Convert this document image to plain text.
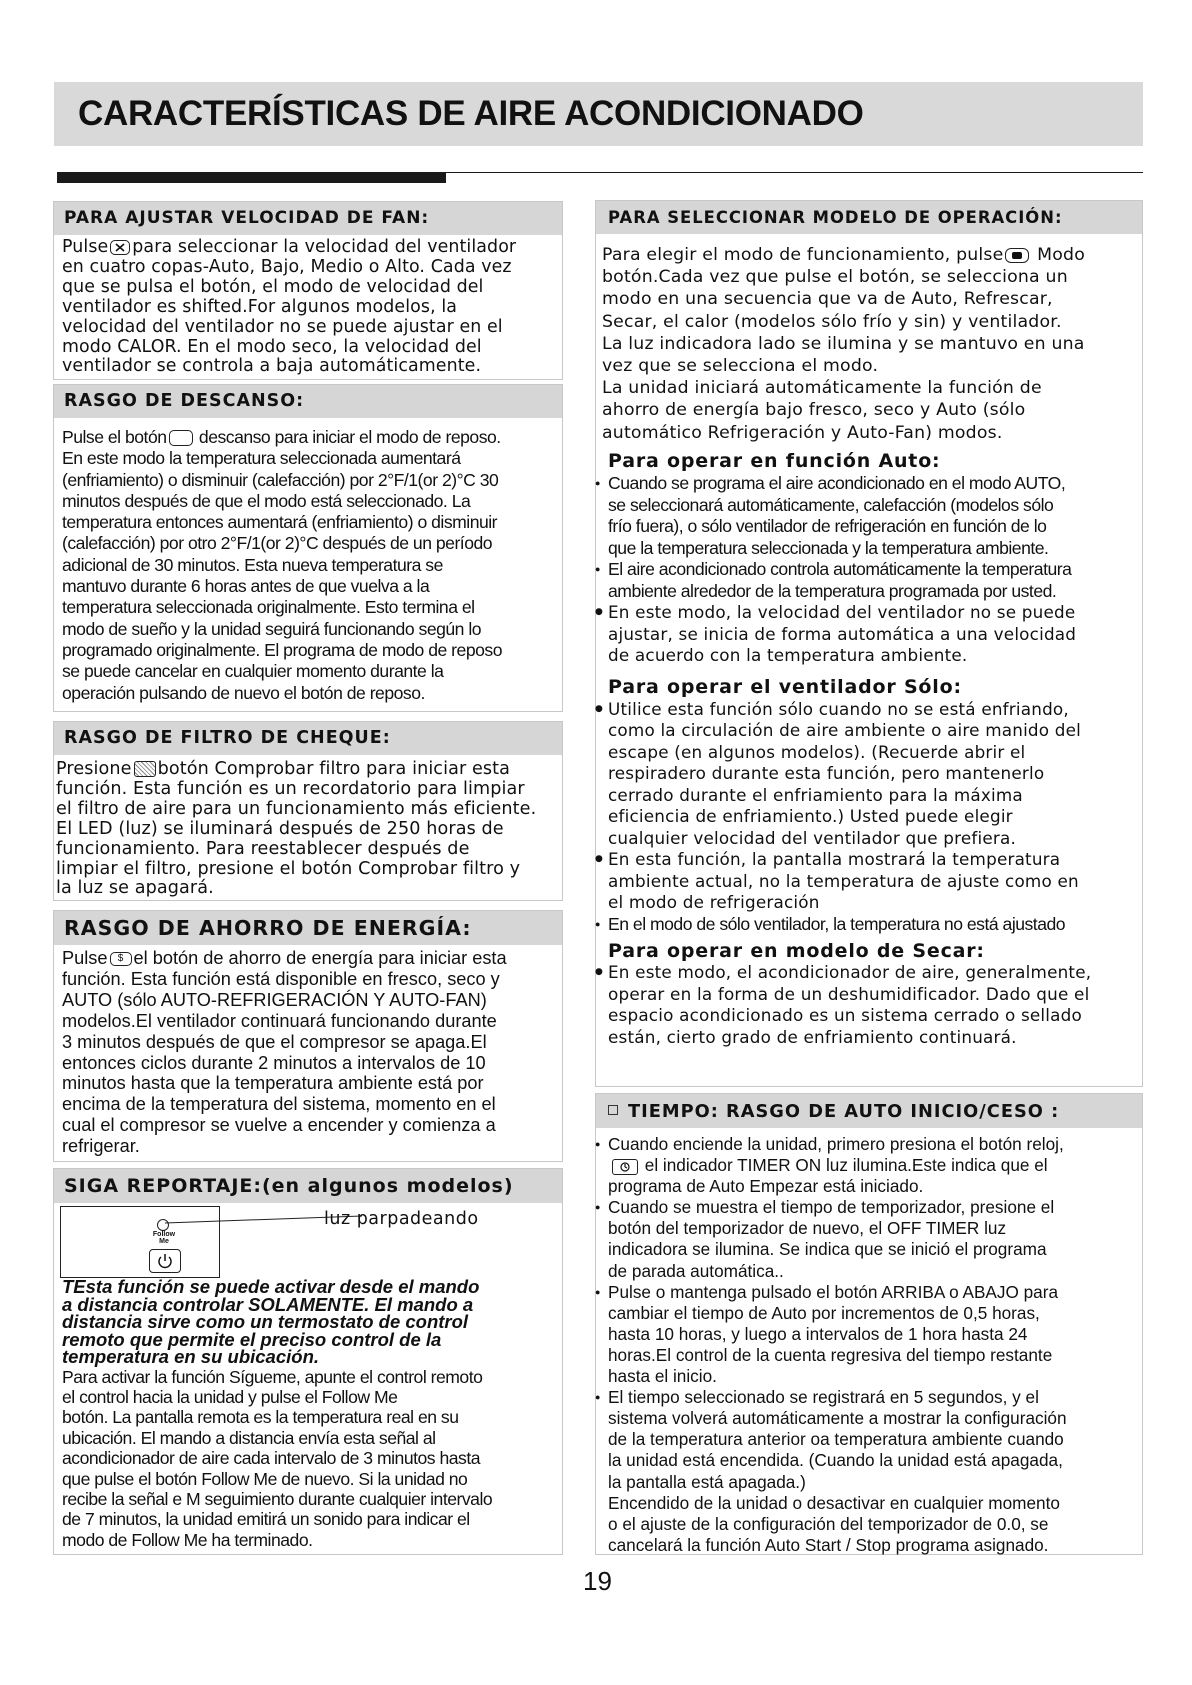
CARACTERÍSTICAS DE AIRE ACONDICIONADO
PARA AJUSTAR VELOCIDAD DE FAN:
Pulse para seleccionar la velocidad del ventilador
en cuatro copas-Auto, Bajo, Medio o Alto. Cada vez
que se pulsa el botón, el modo de velocidad del
ventilador es shifted.For algunos modelos, la
velocidad del ventilador no se puede ajustar en el
modo CALOR. En el modo seco, la velocidad del
ventilador se controla a baja automáticamente.
RASGO DE DESCANSO:
Pulse el botón
descanso para iniciar el modo de reposo.
En este modo la temperatura seleccionada aumentará
(enfriamiento) o disminuir (calefacción) por 2°F/1(or 2)°C 30
minutos después de que el modo está seleccionado. La
temperatura entonces aumentará (enfriamiento) o disminuir
(calefacción) por otro 2°F/1(or 2)°C después de un período
adicional de 30 minutos. Esta nueva temperatura se
mantuvo durante 6 horas antes de que vuelva a la
temperatura seleccionada originalmente. Esto termina el
modo de sueño y la unidad seguirá funcionando según lo
programado originalmente. El programa de modo de reposo
se puede cancelar en cualquier momento durante la
operación pulsando de nuevo el botón de reposo.
RASGO DE FILTRO DE CHEQUE:
Presione botón Comprobar filtro para iniciar esta
función. Esta función es un recordatorio para limpiar
el filtro de aire para un funcionamiento más eficiente.
El LED (luz) se iluminará después de 250 horas de
funcionamiento. Para reestablecer después de
limpiar el filtro, presione el botón Comprobar filtro y
la luz se apagará.
RASGO DE AHORRO DE ENERGÍA:
Pulse $ el botón de ahorro de energía para iniciar esta
función. Esta función está disponible en fresco, seco y
AUTO (sólo AUTO-REFRIGERACIÓN Y AUTO-FAN)
modelos.El ventilador continuará funcionando durante
3 minutos después de que el compresor se apaga.El
entonces ciclos durante 2 minutos a intervalos de 10
minutos hasta que la temperatura ambiente está por
encima de la temperatura del sistema, momento en el
cual el compresor se vuelve a encender y comienza a
refrigerar.
SIGA REPORTAJE:(en algunos modelos)
Follow Me
luz parpadeando
TEsta función se puede activar desde el mando
a distancia controlar SOLAMENTE. El mando a
distancia sirve como un termostato de control
remoto que permite el preciso control de la
temperatura en su ubicación.
Para activar la función Sígueme, apunte el control remoto
el control hacia la unidad y pulse el Follow Me
botón. La pantalla remota es la temperatura real en su
ubicación. El mando a distancia envía esta señal al
acondicionador de aire cada intervalo de 3 minutos hasta
que pulse el botón Follow Me de nuevo. Si la unidad no
recibe la señal e M seguimiento durante cualquier intervalo
de 7 minutos, la unidad emitirá un sonido para indicar el
modo de Follow Me ha terminado.
PARA SELECCIONAR MODELO DE OPERACIÓN:
Para elegir el modo de funcionamiento, pulse
Modo
botón.Cada vez que pulse el botón, se selecciona un
modo en una secuencia que va de Auto, Refrescar,
Secar, el calor (modelos sólo frío y sin) y ventilador.
La luz indicadora lado se ilumina y se mantuvo en una
vez que se selecciona el modo.
La unidad iniciará automáticamente la función de
ahorro de energía bajo fresco, seco y Auto (sólo
automático Refrigeración y Auto-Fan) modos.
Para operar en función Auto:
● Cuando se programa el aire acondicionado en el modo AUTO,
se seleccionará automáticamente, calefacción (modelos sólo
frío fuera), o sólo ventilador de refrigeración en función de lo
que la temperatura seleccionada y la temperatura ambiente.
● El aire acondicionado controla automáticamente la temperatura
ambiente alrededor de la temperatura programada por usted.
● En este modo, la velocidad del ventilador no se puede
ajustar, se inicia de forma automática a una velocidad
de acuerdo con la temperatura ambiente.
Para operar el ventilador Sólo:
● Utilice esta función sólo cuando no se está enfriando,
como la circulación de aire ambiente o aire manido del
escape (en algunos modelos). (Recuerde abrir el
respiradero durante esta función, pero mantenerlo
cerrado durante el enfriamiento para la máxima
eficiencia de enfriamiento.) Usted puede elegir
cualquier velocidad del ventilador que prefiera.
● En esta función, la pantalla mostrará la temperatura
ambiente actual, no la temperatura de ajuste como en
el modo de refrigeración
● En el modo de sólo ventilador, la temperatura no está ajustado
Para operar en modelo de Secar:
● En este modo, el acondicionador de aire, generalmente,
operar en la forma de un deshumidificador. Dado que el
espacio acondicionado es un sistema cerrado o sellado
están, cierto grado de enfriamiento continuará.
TIEMPO: RASGO DE AUTO INICIO/CESO :
● Cuando enciende la unidad, primero presiona el botón reloj,
el indicador TIMER ON luz ilumina.Este indica que el
programa de Auto Empezar está iniciado.
● Cuando se muestra el tiempo de temporizador, presione el
botón del temporizador de nuevo, el OFF TIMER luz
indicadora se ilumina. Se indica que se inició el programa
de parada automática..
● Pulse o mantenga pulsado el botón ARRIBA o ABAJO para
cambiar el tiempo de Auto por incrementos de 0,5 horas,
hasta 10 horas, y luego a intervalos de 1 hora hasta 24
horas.El control de la cuenta regresiva del tiempo restante
hasta el inicio.
● El tiempo seleccionado se registrará en 5 segundos, y el
sistema volverá automáticamente a mostrar la configuración
de la temperatura anterior oa temperatura ambiente cuando
la unidad está encendida. (Cuando la unidad está apagada,
la pantalla está apagada.)
Encendido de la unidad o desactivar en cualquier momento
o el ajuste de la configuración del temporizador de 0.0, se
cancelará la función Auto Start / Stop programa asignado.
19
